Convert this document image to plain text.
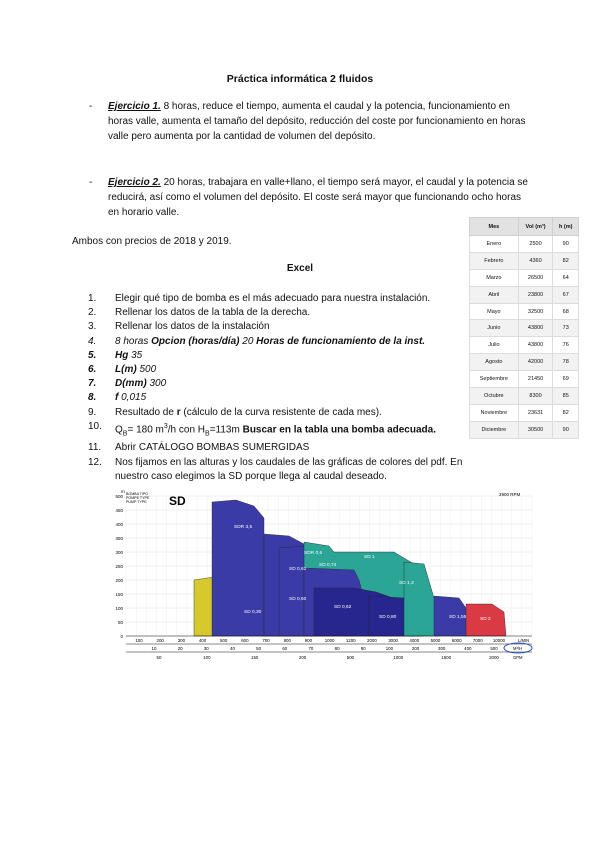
Práctica informática 2 fluidos
- Ejercicio 1. 8 horas, reduce el tiempo, aumenta el caudal y la potencia, funcionamiento en horas valle, aumenta el tamaño del depósito, reducción del coste por funcionamiento en horas valle pero aumenta por la cantidad de volumen del depósito.
- Ejercicio 2. 20 horas, trabajara en valle+llano, el tiempo será mayor, el caudal y la potencia se reducirá, así como el volumen del depósito. El coste será mayor que funcionando ocho horas en horario valle.
Ambos con precios de 2018 y 2019.
Excel
1.	Elegir qué tipo de bomba es el más adecuado para nuestra instalación.
2.	Rellenar los datos de la tabla de la derecha.
3.	Rellenar los datos de la instalación
4.	8 horas Opcion (horas/día) 20 Horas de funcionamiento de la inst.
5.	Hg 35
6.	L(m) 500
7.	D(mm) 300
8.	f 0,015
9.	Resultado de r (cálculo de la curva resistente de cada mes).
10.	$Q_B= 180$ $m^3/h$ con $H_B=113m$ Buscar en la tabla una bomba adecuada.
11.	Abrir CATÁLOGO BOMBAS SUMERGIDAS
12.	Nos fijamos en las alturas y los caudales de las gráficas de colores del pdf. En nuestro caso elegimos la SD porque llega al caudal deseado.
Mes	Vol (m³)	h (m)
Enero	2500	90
Febrero	4360	82
Marzo	26500	64
Abril	23800	67
Mayo	32500	68
Junio	43800	73
Julio	43800	76
Agosto	42000	78
Septiembre	21450	69
Octubre	8300	85
Noviembre	23631	82
Diciembre	30500	90
500
450
400
350
300
250
200
150
100
50
0
m BOMBA TIPO
POMPE TYPE
PUMP TYPE SD	2900 RPM
SDR 3,5
SDR 0,6
SD 0,62
SD 0,74
SD 1
SD 1,3
SD 0,30
SD 0,62
SD 0,60
SD 0,80	SD 1,55	SD 2
100	200	300	400	500	600	700	800	900	1000	1200	2000	3000	4000	5000	6000	7000 10000	L/MIN
10	20	30	40	50	60	70	80	90	100	200	300	400	500	M³/H
50	100	150	200	500	1000	1500	2000	GPM
